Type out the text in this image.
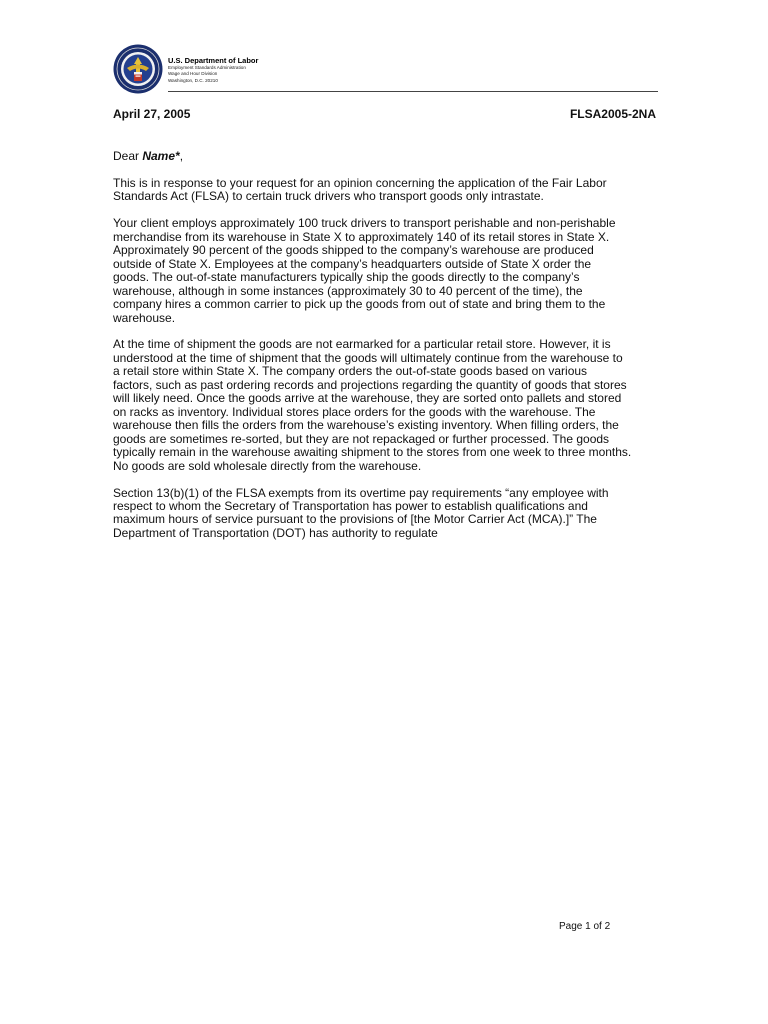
U.S. Department of Labor
Employment Standards Administration
Wage and Hour Division
Washington, D.C. 20210
April 27, 2005	FLSA2005-2NA

Dear Name*,

This is in response to your request for an opinion concerning the application of the Fair Labor
Standards Act (FLSA) to certain truck drivers who transport goods only intrastate.

Your client employs approximately 100 truck drivers to transport perishable and non-perishable
merchandise from its warehouse in State X to approximately 140 of its retail stores in State X.
Approximately 90 percent of the goods shipped to the company’s warehouse are produced
outside of State X. Employees at the company’s headquarters outside of State X order the
goods. The out-of-state manufacturers typically ship the goods directly to the company’s
warehouse, although in some instances (approximately 30 to 40 percent of the time), the
company hires a common carrier to pick up the goods from out of state and bring them to the
warehouse.

At the time of shipment the goods are not earmarked for a particular retail store. However, it is
understood at the time of shipment that the goods will ultimately continue from the warehouse to
a retail store within State X. The company orders the out-of-state goods based on various
factors, such as past ordering records and projections regarding the quantity of goods that stores
will likely need. Once the goods arrive at the warehouse, they are sorted onto pallets and stored
on racks as inventory. Individual stores place orders for the goods with the warehouse. The
warehouse then fills the orders from the warehouse’s existing inventory. When filling orders, the
goods are sometimes re-sorted, but they are not repackaged or further processed. The goods
typically remain in the warehouse awaiting shipment to the stores from one week to three months.
No goods are sold wholesale directly from the warehouse.

Section 13(b)(1) of the FLSA exempts from its overtime pay requirements “any employee with
respect to whom the Secretary of Transportation has power to establish qualifications and
maximum hours of service pursuant to the provisions of [the Motor Carrier Act (MCA).]” The
Department of Transportation (DOT) has authority to regulate

Page 1 of 2
